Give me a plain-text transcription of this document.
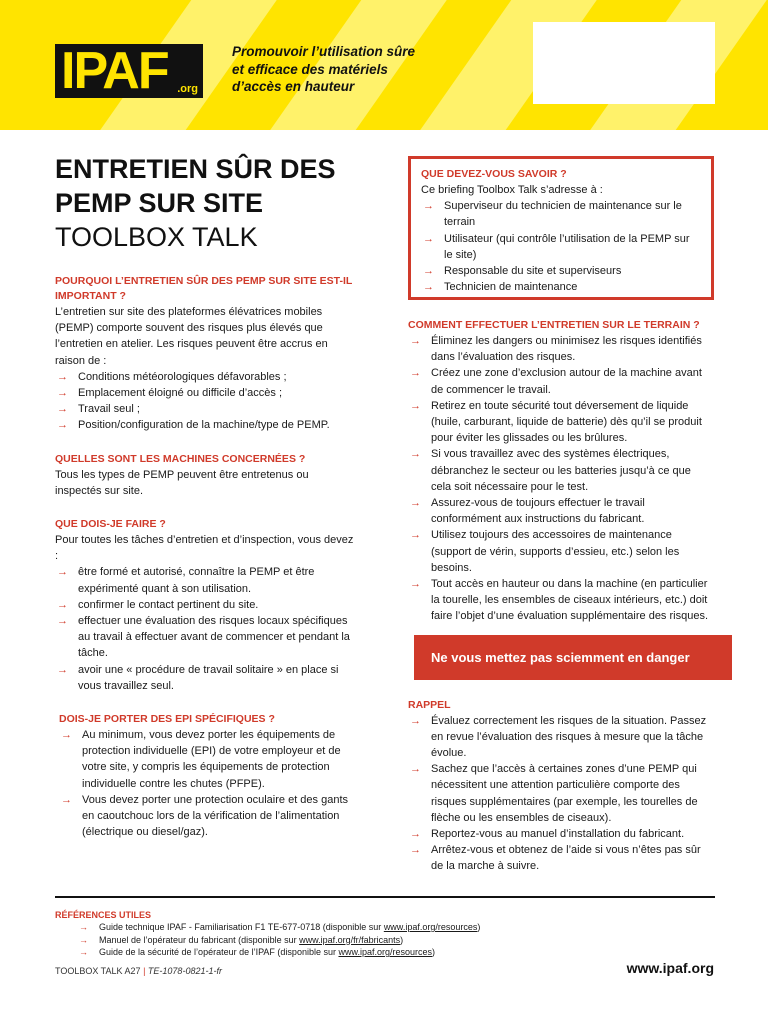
IPAF .org
Promouvoir l’utilisation sûre
et efficace des matériels
d’accès en hauteur
ENTRETIEN SÛR DES
PEMP SUR SITE
TOOLBOX TALK
POURQUOI L’ENTRETIEN SÛR DES PEMP SUR SITE EST-IL IMPORTANT ?
L’entretien sur site des plateformes élévatrices mobiles (PEMP) comporte souvent des risques plus élevés que l’entretien en atelier. Les risques peuvent être accrus en raison de :
→ Conditions météorologiques défavorables ;
→ Emplacement éloigné ou difficile d’accès ;
→ Travail seul ;
→ Position/configuration de la machine/type de PEMP.
QUELLES SONT LES MACHINES CONCERNÉES ?
Tous les types de PEMP peuvent être entretenus ou inspectés sur site.
QUE DOIS-JE FAIRE ?
Pour toutes les tâches d’entretien et d’inspection, vous devez :
→ être formé et autorisé, connaître la PEMP et être expérimenté quant à son utilisation.
→ confirmer le contact pertinent du site.
→ effectuer une évaluation des risques locaux spécifiques au travail à effectuer avant de commencer et pendant la tâche.
→ avoir une « procédure de travail solitaire » en place si vous travaillez seul.
DOIS-JE PORTER DES EPI SPÉCIFIQUES ?
→ Au minimum, vous devez porter les équipements de protection individuelle (EPI) de votre employeur et de votre site, y compris les équipements de protection individuelle contre les chutes (PFPE).
→ Vous devez porter une protection oculaire et des gants en caoutchouc lors de la vérification de l’alimentation (électrique ou diesel/gaz).
QUE DEVEZ-VOUS SAVOIR ?
Ce briefing Toolbox Talk s’adresse à :
→ Superviseur du technicien de maintenance sur le terrain
→ Utilisateur (qui contrôle l’utilisation de la PEMP sur le site)
→ Responsable du site et superviseurs
→ Technicien de maintenance
COMMENT EFFECTUER L’ENTRETIEN SUR LE TERRAIN ?
→ Éliminez les dangers ou minimisez les risques identifiés dans l’évaluation des risques.
→ Créez une zone d’exclusion autour de la machine avant de commencer le travail.
→ Retirez en toute sécurité tout déversement de liquide (huile, carburant, liquide de batterie) dès qu’il se produit pour éviter les glissades ou les brûlures.
→ Si vous travaillez avec des systèmes électriques, débranchez le secteur ou les batteries jusqu’à ce que cela soit nécessaire pour le test.
→ Assurez-vous de toujours effectuer le travail conformément aux instructions du fabricant.
→ Utilisez toujours des accessoires de maintenance (support de vérin, supports d’essieu, etc.) selon les besoins.
→ Tout accès en hauteur ou dans la machine (en particulier la tourelle, les ensembles de ciseaux intérieurs, etc.) doit faire l’objet d’une évaluation supplémentaire des risques.
Ne vous mettez pas sciemment en danger
RAPPEL
→ Évaluez correctement les risques de la situation. Passez en revue l’évaluation des risques à mesure que la tâche évolue.
→ Sachez que l’accès à certaines zones d’une PEMP qui nécessitent une attention particulière comporte des risques supplémentaires (par exemple, les tourelles de flèche ou les ensembles de ciseaux).
→ Reportez-vous au manuel d’installation du fabricant.
→ Arrêtez-vous et obtenez de l’aide si vous n’êtes pas sûr de la marche à suivre.
RÉFÉRENCES UTILES
→ Guide technique IPAF - Familiarisation F1 TE-677-0718 (disponible sur www.ipaf.org/resources)
→ Manuel de l’opérateur du fabricant (disponible sur www.ipaf.org/fr/fabricants)
→ Guide de la sécurité de l’opérateur de l’IPAF (disponible sur www.ipaf.org/resources)
TOOLBOX TALK A27 | TE-1078-0821-1-fr	www.ipaf.org
